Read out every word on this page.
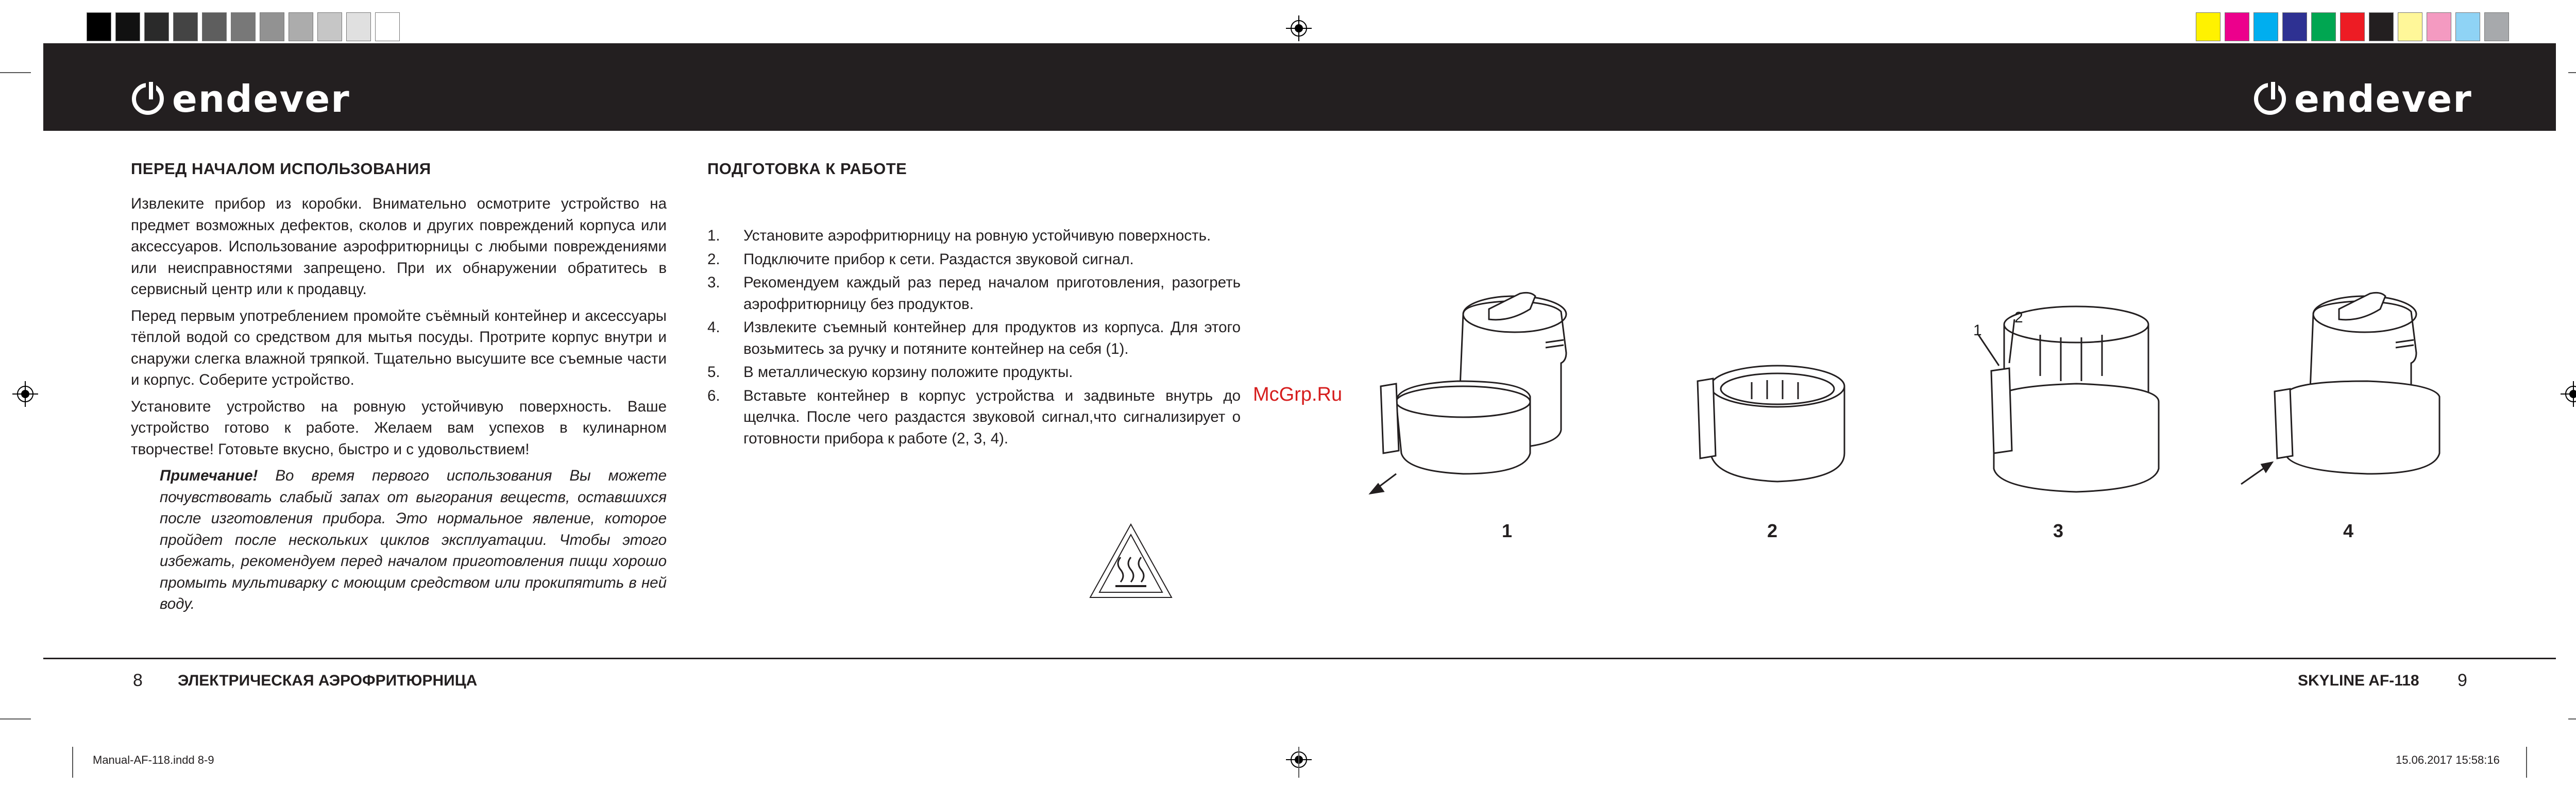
endever	endever
ПЕРЕД НАЧАЛОМ ИСПОЛЬЗОВАНИЯ

Извлеките прибор из коробки. Внимательно осмотрите устройство на предмет возможных дефектов, сколов и других повреждений корпуса или аксессуаров. Использование аэрофритюрницы с любыми повреждениями или неисправностями запрещено. При их обнаружении обратитесь в сервисный центр или к продавцу.

Перед первым употреблением промойте съёмный контейнер и аксессуары тёплой водой со средством для мытья посуды. Протрите корпус внутри и снаружи слегка влажной тряпкой. Тщательно высушите все съемные части и корпус. Соберите устройство.

Установите устройство на ровную устойчивую поверхность. Ваше устройство готово к работе. Желаем вам успехов в кулинарном творчестве! Готовьте вкусно, быстро и с удовольствием!

Примечание! Во время первого использования Вы можете почувствовать слабый запах от выгорания веществ, оставшихся после изготовления прибора. Это нормальное явление, которое пройдет после нескольких циклов эксплуатации. Чтобы этого избежать, рекомендуем перед началом приготовления пищи хорошо промыть мультиварку с моющим средством или прокипятить в ней воду.

ПОДГОТОВКА К РАБОТЕ
1.	Установите аэрофритюрницу на ровную устойчивую поверхность.
2.	Подключите прибор к сети. Раздастся звуковой сигнал.
3.	Рекомендуем каждый раз перед началом приготовления, разогреть аэрофритюрницу без продуктов.
4.	Извлеките съемный контейнер для продуктов из корпуса. Для этого возьмитесь за ручку и потяните контейнер на себя (1).
5.	В металлическую корзину положите продукты.
6.	Вставьте контейнер в корпус устройства и задвиньте внутрь до щелчка. После чего раздастся звуковой сигнал,что сигнализирует о готовности прибора к работе (2, 3, 4).
McGrp.Ru
1
2
1	2	3	4
8 ЭЛЕКТРИЧЕСКАЯ АЭРОФРИТЮРНИЦА	SKYLINE AF-118 9
Manual-AF-118.indd 8-9	15.06.2017 15:58:16
